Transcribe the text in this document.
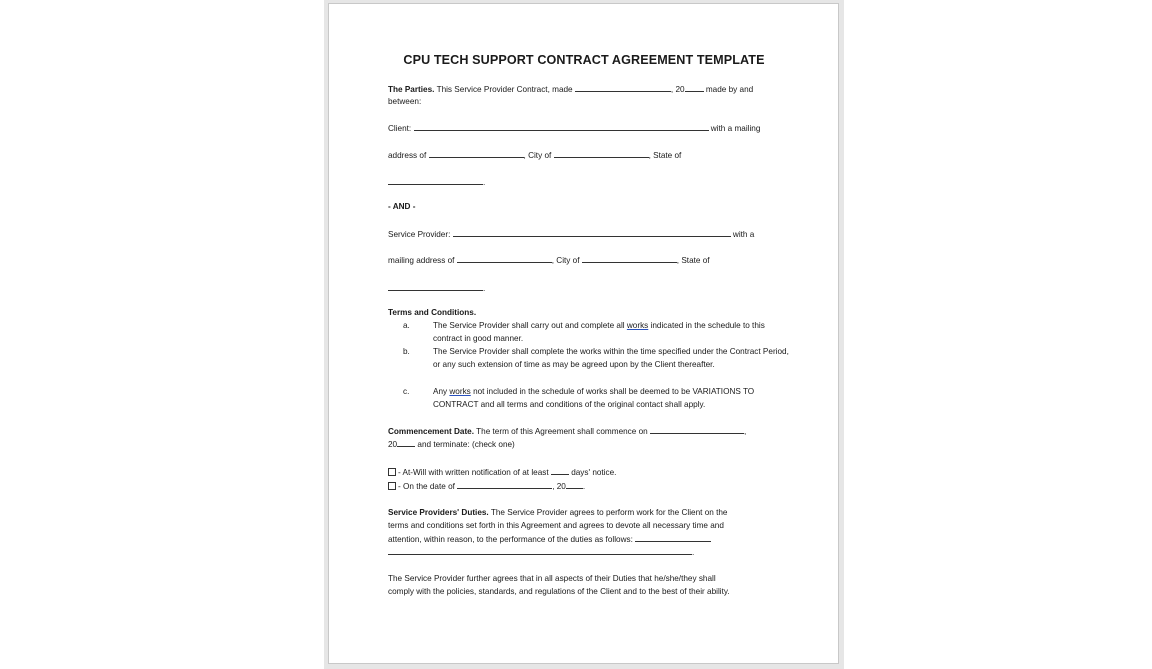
CPU TECH SUPPORT CONTRACT AGREEMENT TEMPLATE
The Parties. This Service Provider Contract, made	, 20	made by and
between:
Client:	with a mailing
address of	, City of	, State of
.
- AND -
Service Provider:	with a
mailing address of	, City of	, State of
.
Terms and Conditions.
a.	The Service Provider shall carry out and complete all works indicated in the schedule to this contract in good manner.
b.	The Service Provider shall complete the works within the time specified under the Contract Period, or any such extension of time as may be agreed upon by the Client thereafter.
c.	Any works not included in the schedule of works shall be deemed to be VARIATIONS TO CONTRACT and all terms and conditions of the original contact shall apply.
Commencement Date. The term of this Agreement shall commence on	,
20 and terminate: (check one)
- At-Will with written notification of at least	days' notice.
- On the date of	, 20 .
Service Providers' Duties. The Service Provider agrees to perform work for the Client on the
terms and conditions set forth in this Agreement and agrees to devote all necessary time and
attention, within reason, to the performance of the duties as follows:
.
The Service Provider further agrees that in all aspects of their Duties that he/she/they shall
comply with the policies, standards, and regulations of the Client and to the best of their ability.
